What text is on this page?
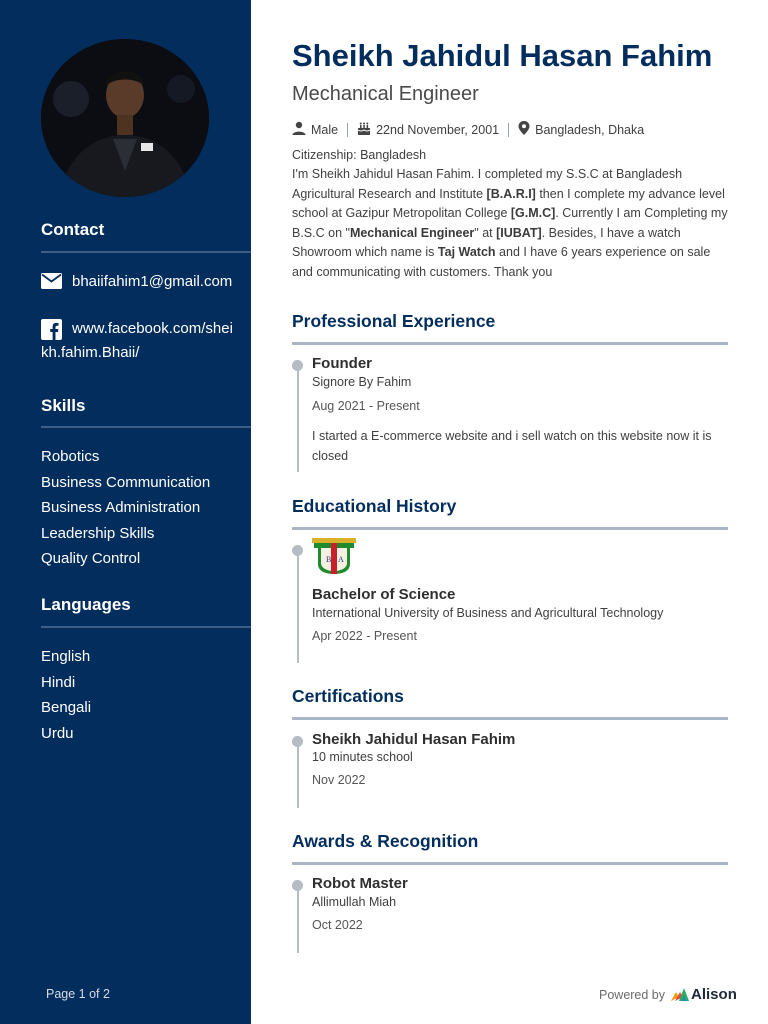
Contact
bhaiifahim1@gmail.com
www.facebook.com/sheikh.fahim.Bhaii/
Skills
Robotics
Business Communication
Business Administration
Leadership Skills
Quality Control
Languages
English
Hindi
Bengali
Urdu
Page 1 of 2
Sheikh Jahidul Hasan Fahim
Mechanical Engineer
Male	22nd November, 2001	Bangladesh, Dhaka
Citizenship: Bangladesh
I'm Sheikh Jahidul Hasan Fahim. I completed my S.S.C at Bangladesh Agricultural Research and Institute [B.A.R.I] then I complete my advance level school at Gazipur Metropolitan College [G.M.C]. Currently I am Completing my B.S.C on "Mechanical Engineer" at [IUBAT]. Besides, I have a watch Showroom which name is Taj Watch and I have 6 years experience on sale and communicating with customers. Thank you
Professional Experience
Founder
Signore By Fahim
Aug 2021 - Present
I started a E-commerce website and i sell watch on this website now it is closed
Educational History
B A
Bachelor of Science
International University of Business and Agricultural Technology
Apr 2022 - Present
Certifications
Sheikh Jahidul Hasan Fahim
10 minutes school
Nov 2022
Awards & Recognition
Robot Master
Allimullah Miah
Oct 2022
Powered by Alison
